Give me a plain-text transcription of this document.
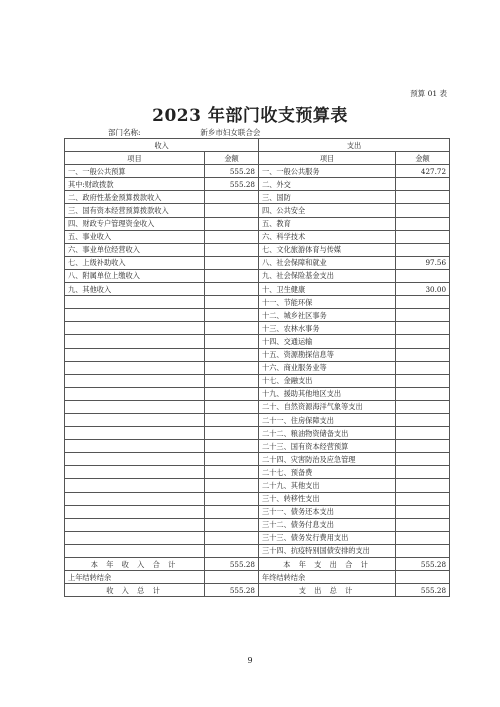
预算 01 表
2023 年部门收支预算表
部门名称:	新乡市妇女联合会
收入		支出	
项目	金额	项目	金额
一、一般公共预算	555.28	一、一般公共服务	427.72
其中:财政拨款	555.28	二、外交	
二、政府性基金预算拨款收入		三、国防	
三、国有资本经营预算拨款收入		四、公共安全	
四、财政专户管理资金收入		五、教育	
五、事业收入		六、科学技术	
六、事业单位经营收入		七、文化旅游体育与传媒	
七、上级补助收入		八、社会保障和就业	97.56
八、附属单位上缴收入		九、社会保险基金支出	
九、其他收入		十、卫生健康	30.00
		十一、节能环保	
		十二、城乡社区事务	
		十三、农林水事务	
		十四、交通运输	
		十五、资源勘探信息等	
		十六、商业服务业等	
		十七、金融支出	
		十九、援助其他地区支出	
		二十、自然资源海洋气象等支出	
		二十一、住房保障支出	
		二十二、粮油物资储备支出	
		二十三、国有资本经营预算	
		二十四、灾害防治及应急管理	
		二十七、预备费	
		二十九、其他支出	
		三十、转移性支出	
		三十一、债务还本支出	
		三十二、债务付息支出	
		三十三、债务发行费用支出	
		三十四、抗疫特别国债安排的支出	
本 年 收 入 合 计	555.28	本 年 支 出 合 计	555.28
上年结转结余		年终结转结余	
收 入 总 计	555.28	支 出 总 计	555.28
9
